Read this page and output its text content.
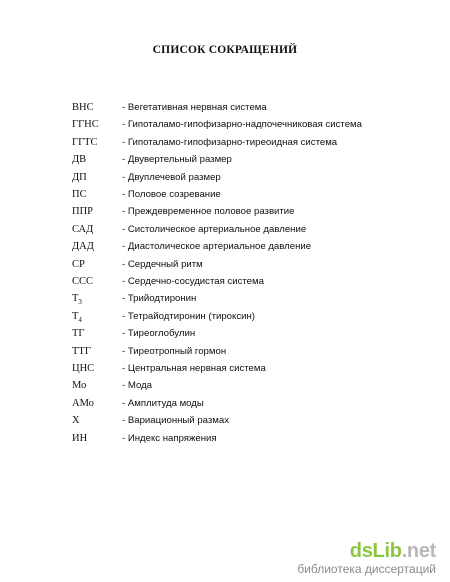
СПИСОК СОКРАЩЕНИЙ
ВНС	- Вегетативная нервная система
ГГНС - Гипоталамо-гипофизарно-надпочечниковая система
ГГТС	- Гипоталамо-гипофизарно-тиреоидная система
ДВ	- Двувертельный размер
ДП	- Двуплечевой размер
ПС	- Половое созревание
ППР	- Преждевременное половое развитие
САД	- Систолическое артериальное давление
ДАД	- Диастолическое артериальное давление
СР	- Сердечный ритм
ССС	- Сердечно-сосудистая система
$Т_3$	- Трийодтиронин
$Т_4$	- Тетрайодтиронин (тироксин)
ТГ	- Тиреоглобулин
ТТГ	- Тиреотропный гормон
ЦНС	- Центральная нервная система
Мо	- Мода
АМо	- Амплитуда моды
Х	- Вариационный размах
ИН	- Индекс напряжения
dsLib.net
библиотека диссертаций
